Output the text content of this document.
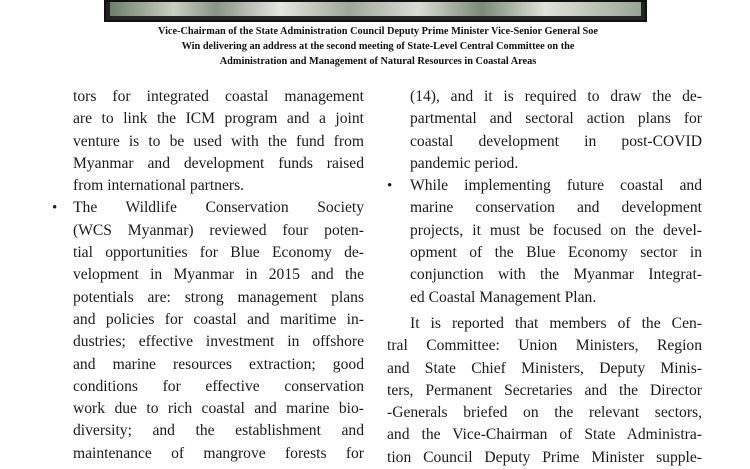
Vice-Chairman of the State Administration Council Deputy Prime Minister Vice-Senior General Soe
Win delivering an address at the second meeting of State-Level Central Committee on the
Administration and Management of Natural Resources in Coastal Areas
tors for integrated coastal management
are to link the ICM program and a joint
venture is to be used with the fund from
Myanmar and development funds raised
from international partners.
• The Wildlife Conservation Society
(WCS Myanmar) reviewed four poten-
tial opportunities for Blue Economy de-
velopment in Myanmar in 2015 and the
potentials are: strong management plans
and policies for coastal and maritime in-
dustries; effective investment in offshore
and marine resources extraction; good
conditions for effective conservation
work due to rich coastal and marine bio-
diversity; and the establishment and
maintenance of mangrove forests for
(14), and it is required to draw the de-
partmental and sectoral action plans for
coastal development in post-COVID
pandemic period.
• While implementing future coastal and
marine conservation and development
projects, it must be focused on the devel-
opment of the Blue Economy sector in
conjunction with the Myanmar Integrat-
ed Coastal Management Plan.
It is reported that members of the Cen-
tral Committee: Union Ministers, Region
and State Chief Ministers, Deputy Minis-
ters, Permanent Secretaries and the Director
-Generals briefed on the relevant sectors,
and the Vice-Chairman of State Administra-
tion Council Deputy Prime Minister supple-
